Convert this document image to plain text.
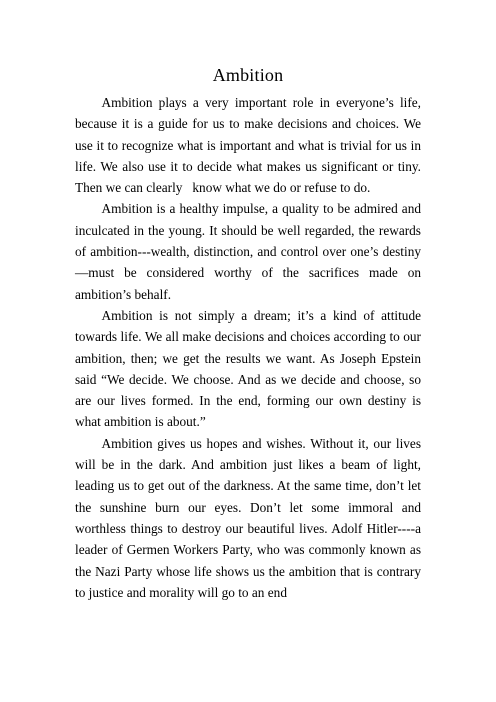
Ambition

Ambition plays a very important role in everyone’s life, because it is a guide for us to make decisions and choices. We use it to recognize what is important and what is trivial for us in life. We also use it to decide what makes us significant or tiny. Then we can clearly   know what we do or refuse to do.

Ambition is a healthy impulse, a quality to be admired and inculcated in the young. It should be well regarded, the rewards of ambition---wealth, distinction, and control over one’s destiny—must be considered worthy of the sacrifices made on ambition’s behalf.

Ambition is not simply a dream; it’s a kind of attitude towards life. We all make decisions and choices according to our ambition, then; we get the results we want. As Joseph Epstein said “We decide. We choose. And as we decide and choose, so are our lives formed. In the end, forming our own destiny is what ambition is about.”

Ambition gives us hopes and wishes. Without it, our lives will be in the dark. And ambition just likes a beam of light, leading us to get out of the darkness. At the same time, don’t let the sunshine burn our eyes. Don’t let some immoral and worthless things to destroy our beautiful lives. Adolf Hitler----a leader of Germen Workers Party, who was commonly known as the Nazi Party whose life shows us the ambition that is contrary to justice and morality will go to an end
